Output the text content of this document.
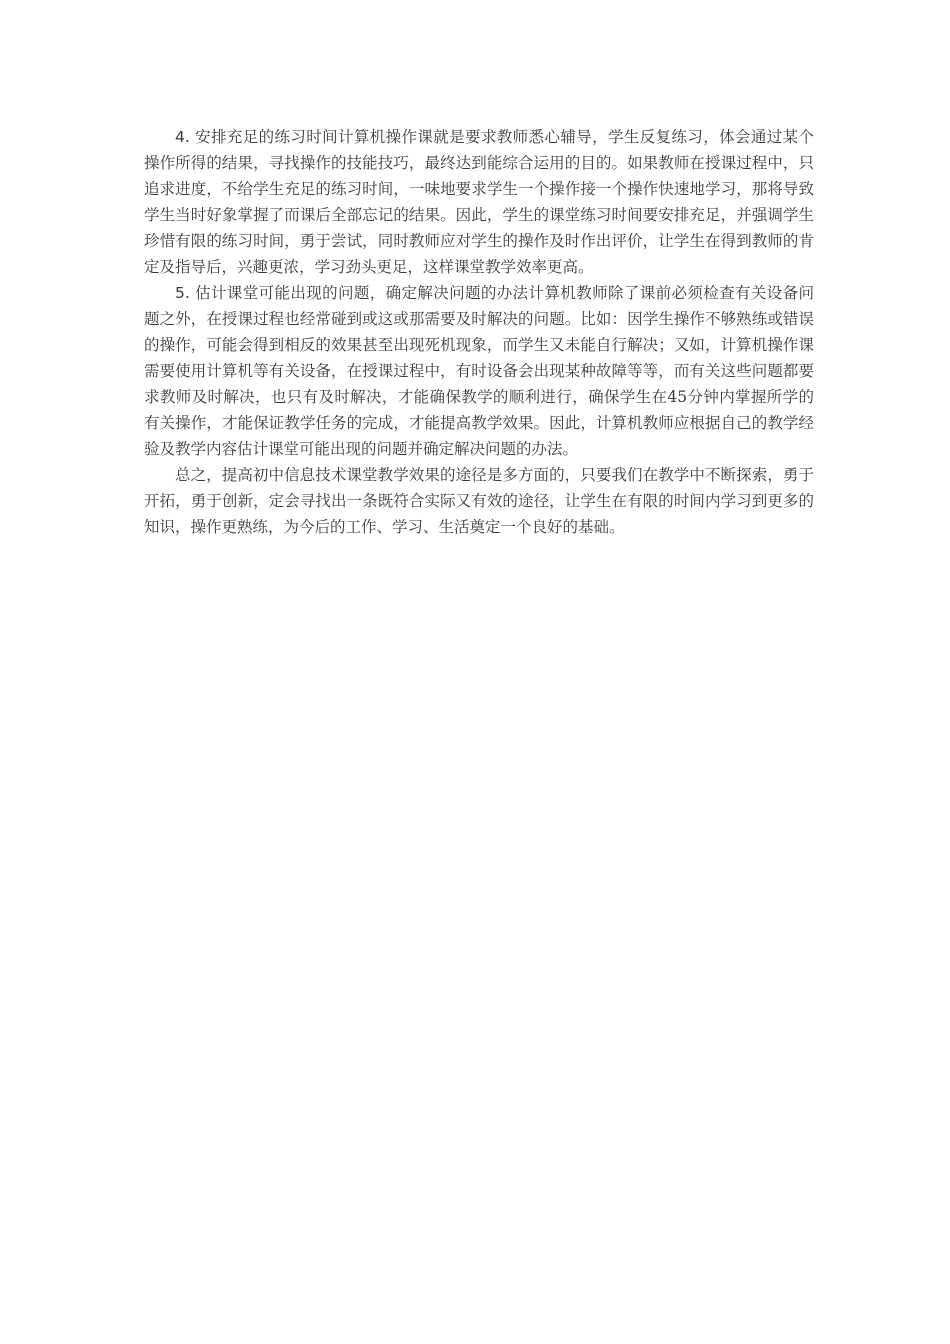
4. 安排充足的练习时间计算机操作课就是要求教师悉心辅导，学生反复练习，体会通过某个操作所得的结果，寻找操作的技能技巧，最终达到能综合运用的目的。如果教师在授课过程中，只追求进度，不给学生充足的练习时间，一味地要求学生一个操作接一个操作快速地学习，那将导致学生当时好象掌握了而课后全部忘记的结果。因此，学生的课堂练习时间要安排充足，并强调学生珍惜有限的练习时间，勇于尝试，同时教师应对学生的操作及时作出评价，让学生在得到教师的肯定及指导后，兴趣更浓，学习劲头更足，这样课堂教学效率更高。

5. 估计课堂可能出现的问题，确定解决问题的办法计算机教师除了课前必须检查有关设备问题之外，在授课过程也经常碰到或这或那需要及时解决的问题。比如：因学生操作不够熟练或错误的操作，可能会得到相反的效果甚至出现死机现象，而学生又未能自行解决；又如，计算机操作课需要使用计算机等有关设备，在授课过程中，有时设备会出现某种故障等等，而有关这些问题都要求教师及时解决，也只有及时解决，才能确保教学的顺利进行，确保学生在45分钟内掌握所学的有关操作，才能保证教学任务的完成，才能提高教学效果。因此，计算机教师应根据自己的教学经验及教学内容估计课堂可能出现的问题并确定解决问题的办法。

总之，提高初中信息技术课堂教学效果的途径是多方面的，只要我们在教学中不断探索，勇于开拓，勇于创新，定会寻找出一条既符合实际又有效的途径，让学生在有限的时间内学习到更多的知识，操作更熟练，为今后的工作、学习、生活奠定一个良好的基础。
